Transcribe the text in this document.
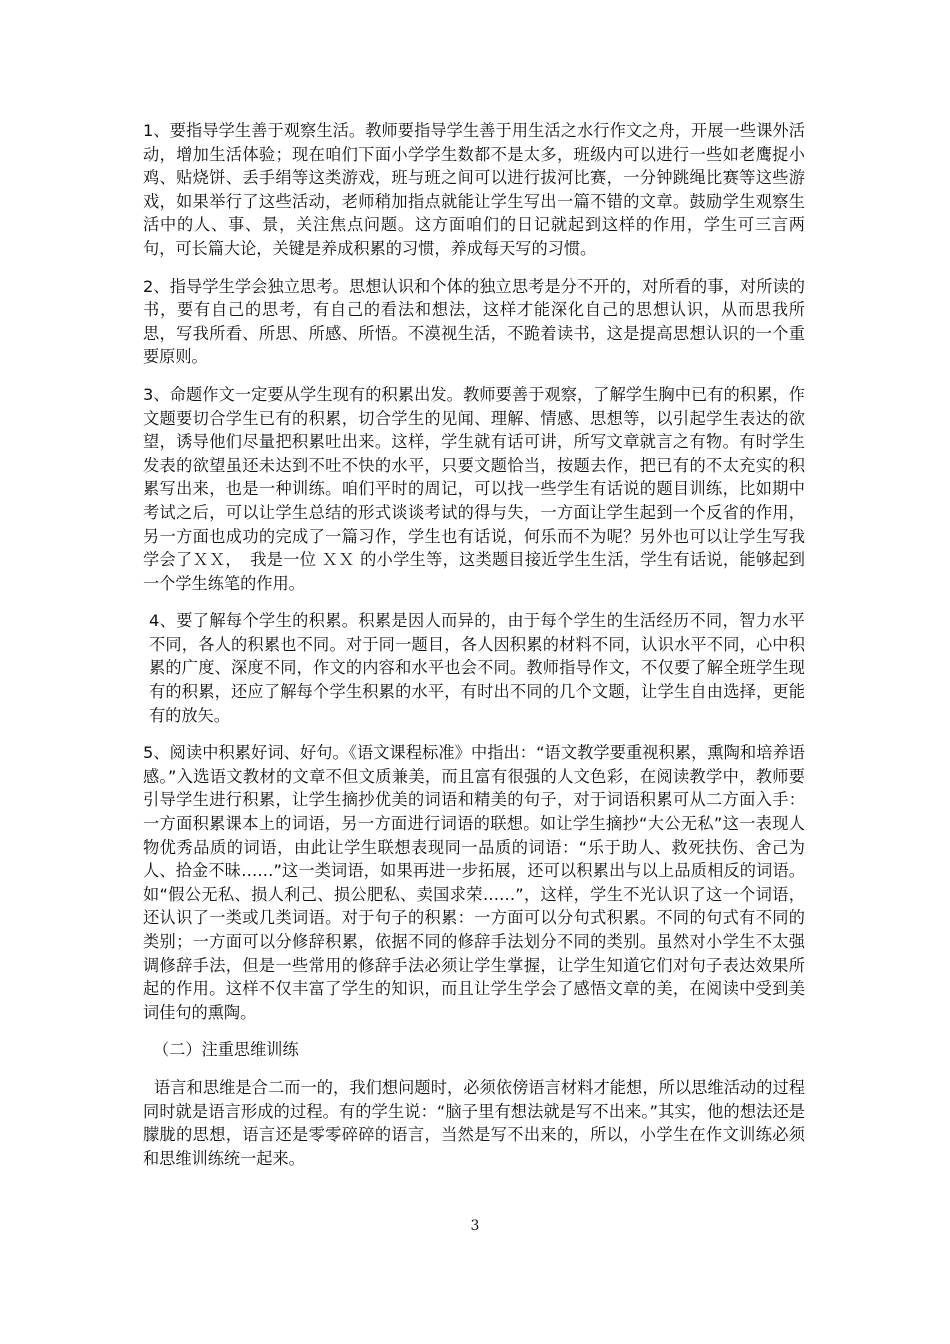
1、要指导学生善于观察生活。教师要指导学生善于用生活之水行作文之舟，开展一些课外活动，增加生活体验；现在咱们下面小学学生数都不是太多，班级内可以进行一些如老鹰捉小鸡、贴烧饼、丢手绢等这类游戏，班与班之间可以进行拔河比赛，一分钟跳绳比赛等这些游戏，如果举行了这些活动，老师稍加指点就能让学生写出一篇不错的文章。鼓励学生观察生活中的人、事、景，关注焦点问题。这方面咱们的日记就起到这样的作用，学生可三言两句，可长篇大论，关键是养成积累的习惯，养成每天写的习惯。

2、指导学生学会独立思考。思想认识和个体的独立思考是分不开的，对所看的事，对所读的书，要有自己的思考，有自己的看法和想法，这样才能深化自己的思想认识，从而思我所思，写我所看、所思、所感、所悟。不漠视生活，不跪着读书，这是提高思想认识的一个重要原则。

3、命题作文一定要从学生现有的积累出发。教师要善于观察，了解学生胸中已有的积累，作文题要切合学生已有的积累，切合学生的见闻、理解、情感、思想等，以引起学生表达的欲望，诱导他们尽量把积累吐出来。这样，学生就有话可讲，所写文章就言之有物。有时学生发表的欲望虽还未达到不吐不快的水平，只要文题恰当，按题去作，把已有的不太充实的积累写出来，也是一种训练。咱们平时的周记，可以找一些学生有话说的题目训练，比如期中考试之后，可以让学生总结的形式谈谈考试的得与失，一方面让学生起到一个反省的作用，另一方面也成功的完成了一篇习作，学生也有话说，何乐而不为呢？另外也可以让学生写我学会了ＸＸ，　我是一位 ＸＸ 的小学生等，这类题目接近学生生活，学生有话说，能够起到一个学生练笔的作用。

4、要了解每个学生的积累。积累是因人而异的，由于每个学生的生活经历不同，智力水平不同，各人的积累也不同。对于同一题目，各人因积累的材料不同，认识水平不同，心中积累的广度、深度不同，作文的内容和水平也会不同。教师指导作文，不仅要了解全班学生现有的积累，还应了解每个学生积累的水平，有时出不同的几个文题，让学生自由选择，更能有的放矢。

5、阅读中积累好词、好句。《语文课程标准》中指出：“语文教学要重视积累，熏陶和培养语感。”入选语文教材的文章不但文质兼美，而且富有很强的人文色彩，在阅读教学中，教师要引导学生进行积累，让学生摘抄优美的词语和精美的句子，对于词语积累可从二方面入手：一方面积累课本上的词语，另一方面进行词语的联想。如让学生摘抄“大公无私”这一表现人物优秀品质的词语，由此让学生联想表现同一品质的词语：“乐于助人、救死扶伤、舍己为人、拾金不昧……”这一类词语，如果再进一步拓展，还可以积累出与以上品质相反的词语。如“假公无私、损人利己、损公肥私、卖国求荣……”，这样，学生不光认识了这一个词语，还认识了一类或几类词语。对于句子的积累：一方面可以分句式积累。不同的句式有不同的类别；一方面可以分修辞积累，依据不同的修辞手法划分不同的类别。虽然对小学生不太强调修辞手法，但是一些常用的修辞手法必须让学生掌握，让学生知道它们对句子表达效果所起的作用。这样不仅丰富了学生的知识，而且让学生学会了感悟文章的美，在阅读中受到美词佳句的熏陶。

（二）注重思维训练

语言和思维是合二而一的，我们想问题时，必须依傍语言材料才能想，所以思维活动的过程同时就是语言形成的过程。有的学生说：“脑子里有想法就是写不出来。”其实，他的想法还是朦胧的思想，语言还是零零碎碎的语言，当然是写不出来的，所以，小学生在作文训练必须和思维训练统一起来。

3
